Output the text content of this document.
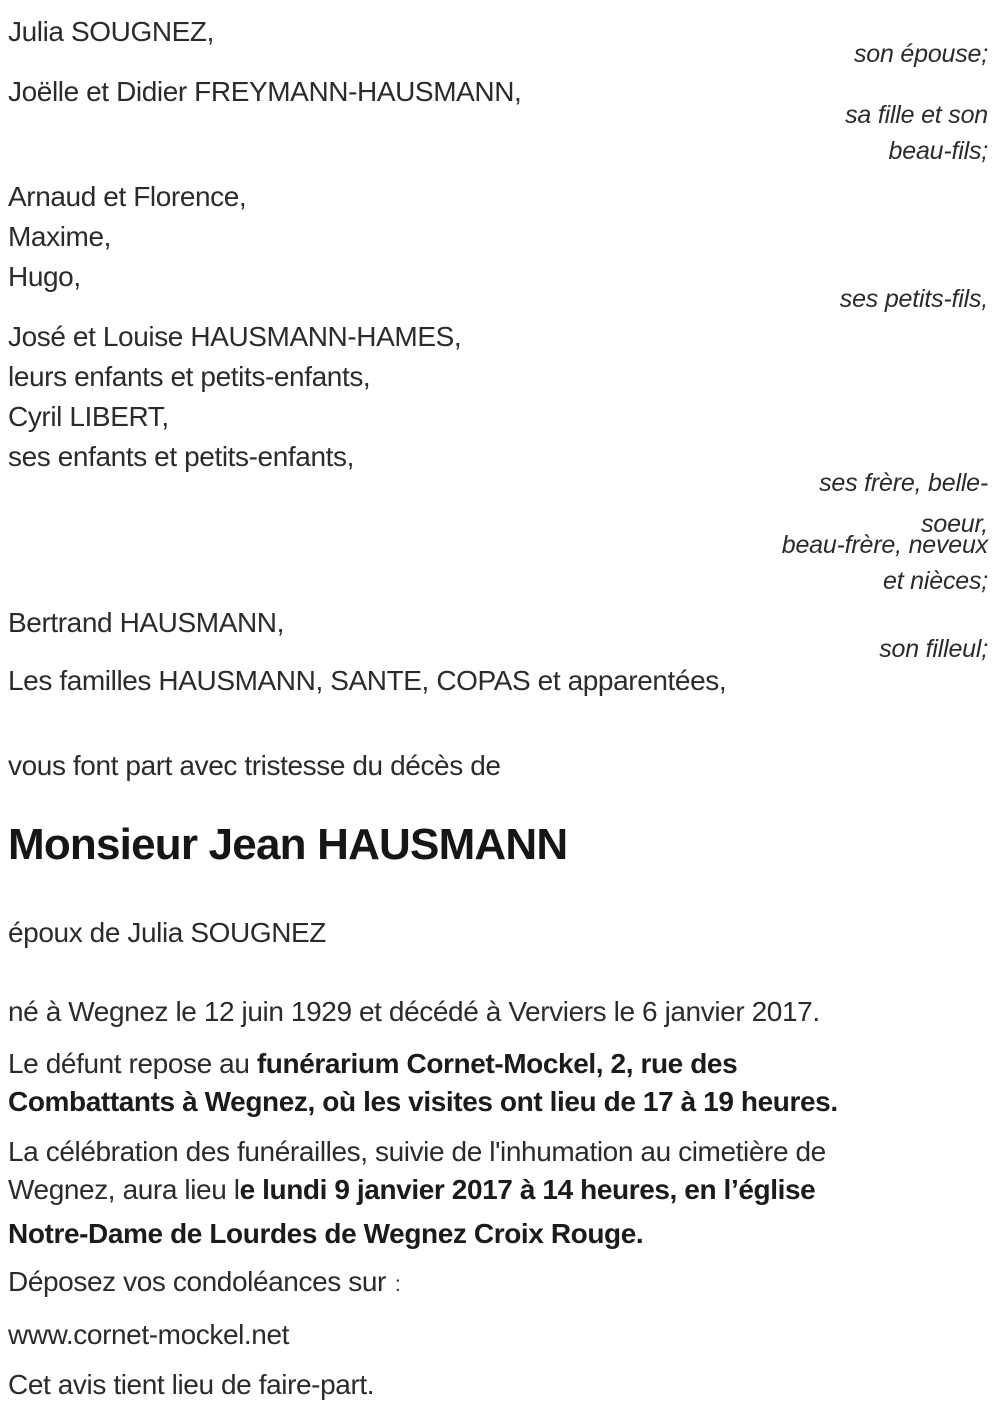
Julia SOUGNEZ,
son épouse;
Joëlle et Didier FREYMANN-HAUSMANN,
sa fille et son
beau-fils;
Arnaud et Florence,
Maxime,
Hugo,
ses petits-fils,
José et Louise HAUSMANN-HAMES,
leurs enfants et petits-enfants,
Cyril LIBERT,
ses enfants et petits-enfants,
ses frère, belle-
soeur,
beau-frère, neveux
et nièces;
Bertrand HAUSMANN,
son filleul;
Les familles HAUSMANN, SANTE, COPAS et apparentées,
vous font part avec tristesse du décès de
Monsieur Jean HAUSMANN
époux de Julia SOUGNEZ
né à Wegnez le 12 juin 1929 et décédé à Verviers le 6 janvier 2017.
Le défunt repose au funérarium Cornet-Mockel, 2, rue des
Combattants à Wegnez, où les visites ont lieu de 17 à 19 heures.
La célébration des funérailles, suivie de l'inhumation au cimetière de
Wegnez, aura lieu le lundi 9 janvier 2017 à 14 heures, en l’église
Notre-Dame de Lourdes de Wegnez Croix Rouge.
Déposez vos condoléances sur :
www.cornet-mockel.net
Cet avis tient lieu de faire-part.
